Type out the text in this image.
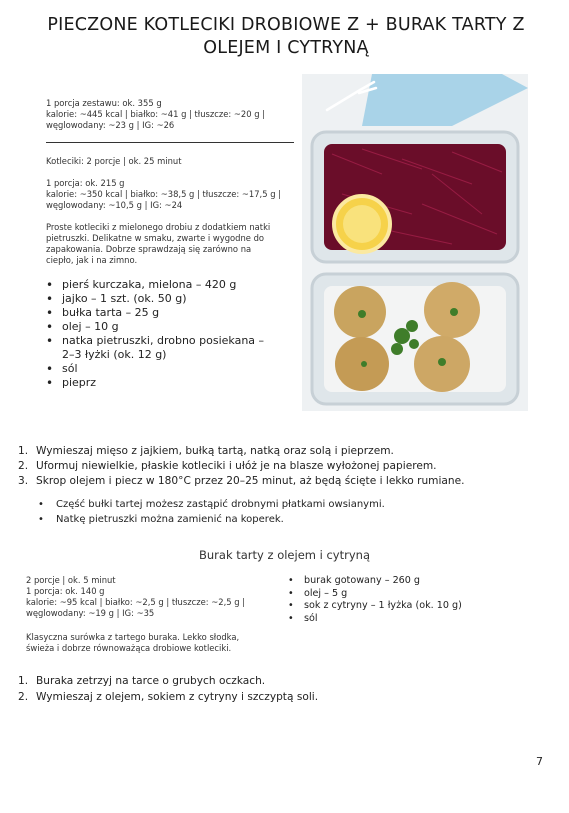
PIECZONE KOTLECIKI DROBIOWE Z + BURAK TARTY Z OLEJEM I CYTRYNĄ
1 porcja zestawu: ok. 355 g
kalorie: ~445 kcal | białko: ~41 g | tłuszcze: ~20 g |
węglowodany: ~23 g | IG: ~26
Kotleciki: 2 porcje | ok. 25 minut
1 porcja: ok. 215 g
kalorie: ~350 kcal | białko: ~38,5 g | tłuszcze: ~17,5 g |
węglowodany: ~10,5 g | IG: ~24
Proste kotleciki z mielonego drobiu z dodatkiem natki pietruszki. Delikatne w smaku, zwarte i wygodne do zapakowania. Dobrze sprawdzają się zarówno na ciepło, jak i na zimno.
• pierś kurczaka, mielona – 420 g
• jajko – 1 szt. (ok. 50 g)
• bułka tarta – 25 g
• olej – 10 g
• natka pietruszki, drobno posiekana – 2–3 łyżki (ok. 12 g)
• sól
• pieprz
1. Wymieszaj mięso z jajkiem, bułką tartą, natką oraz solą i pieprzem.
2. Uformuj niewielkie, płaskie kotleciki i ułóż je na blasze wyłożonej papierem.
3. Skrop olejem i piecz w 180°C przez 20–25 minut, aż będą ścięte i lekko rumiane.
• Część bułki tartej możesz zastąpić drobnymi płatkami owsianymi.
• Natkę pietruszki można zamienić na koperek.
Burak tarty z olejem i cytryną
2 porcje | ok. 5 minut
1 porcja: ok. 140 g
kalorie: ~95 kcal | białko: ~2,5 g | tłuszcze: ~2,5 g |
węglowodany: ~19 g | IG: ~35
Klasyczna surówka z tartego buraka. Lekko słodka, świeża i dobrze równoważąca drobiowe kotleciki.
• burak gotowany – 260 g
• olej – 5 g
• sok z cytryny – 1 łyżka (ok. 10 g)
• sól
1. Buraka zetrzyj na tarce o grubych oczkach.
2. Wymieszaj z olejem, sokiem z cytryny i szczyptą soli.
7
